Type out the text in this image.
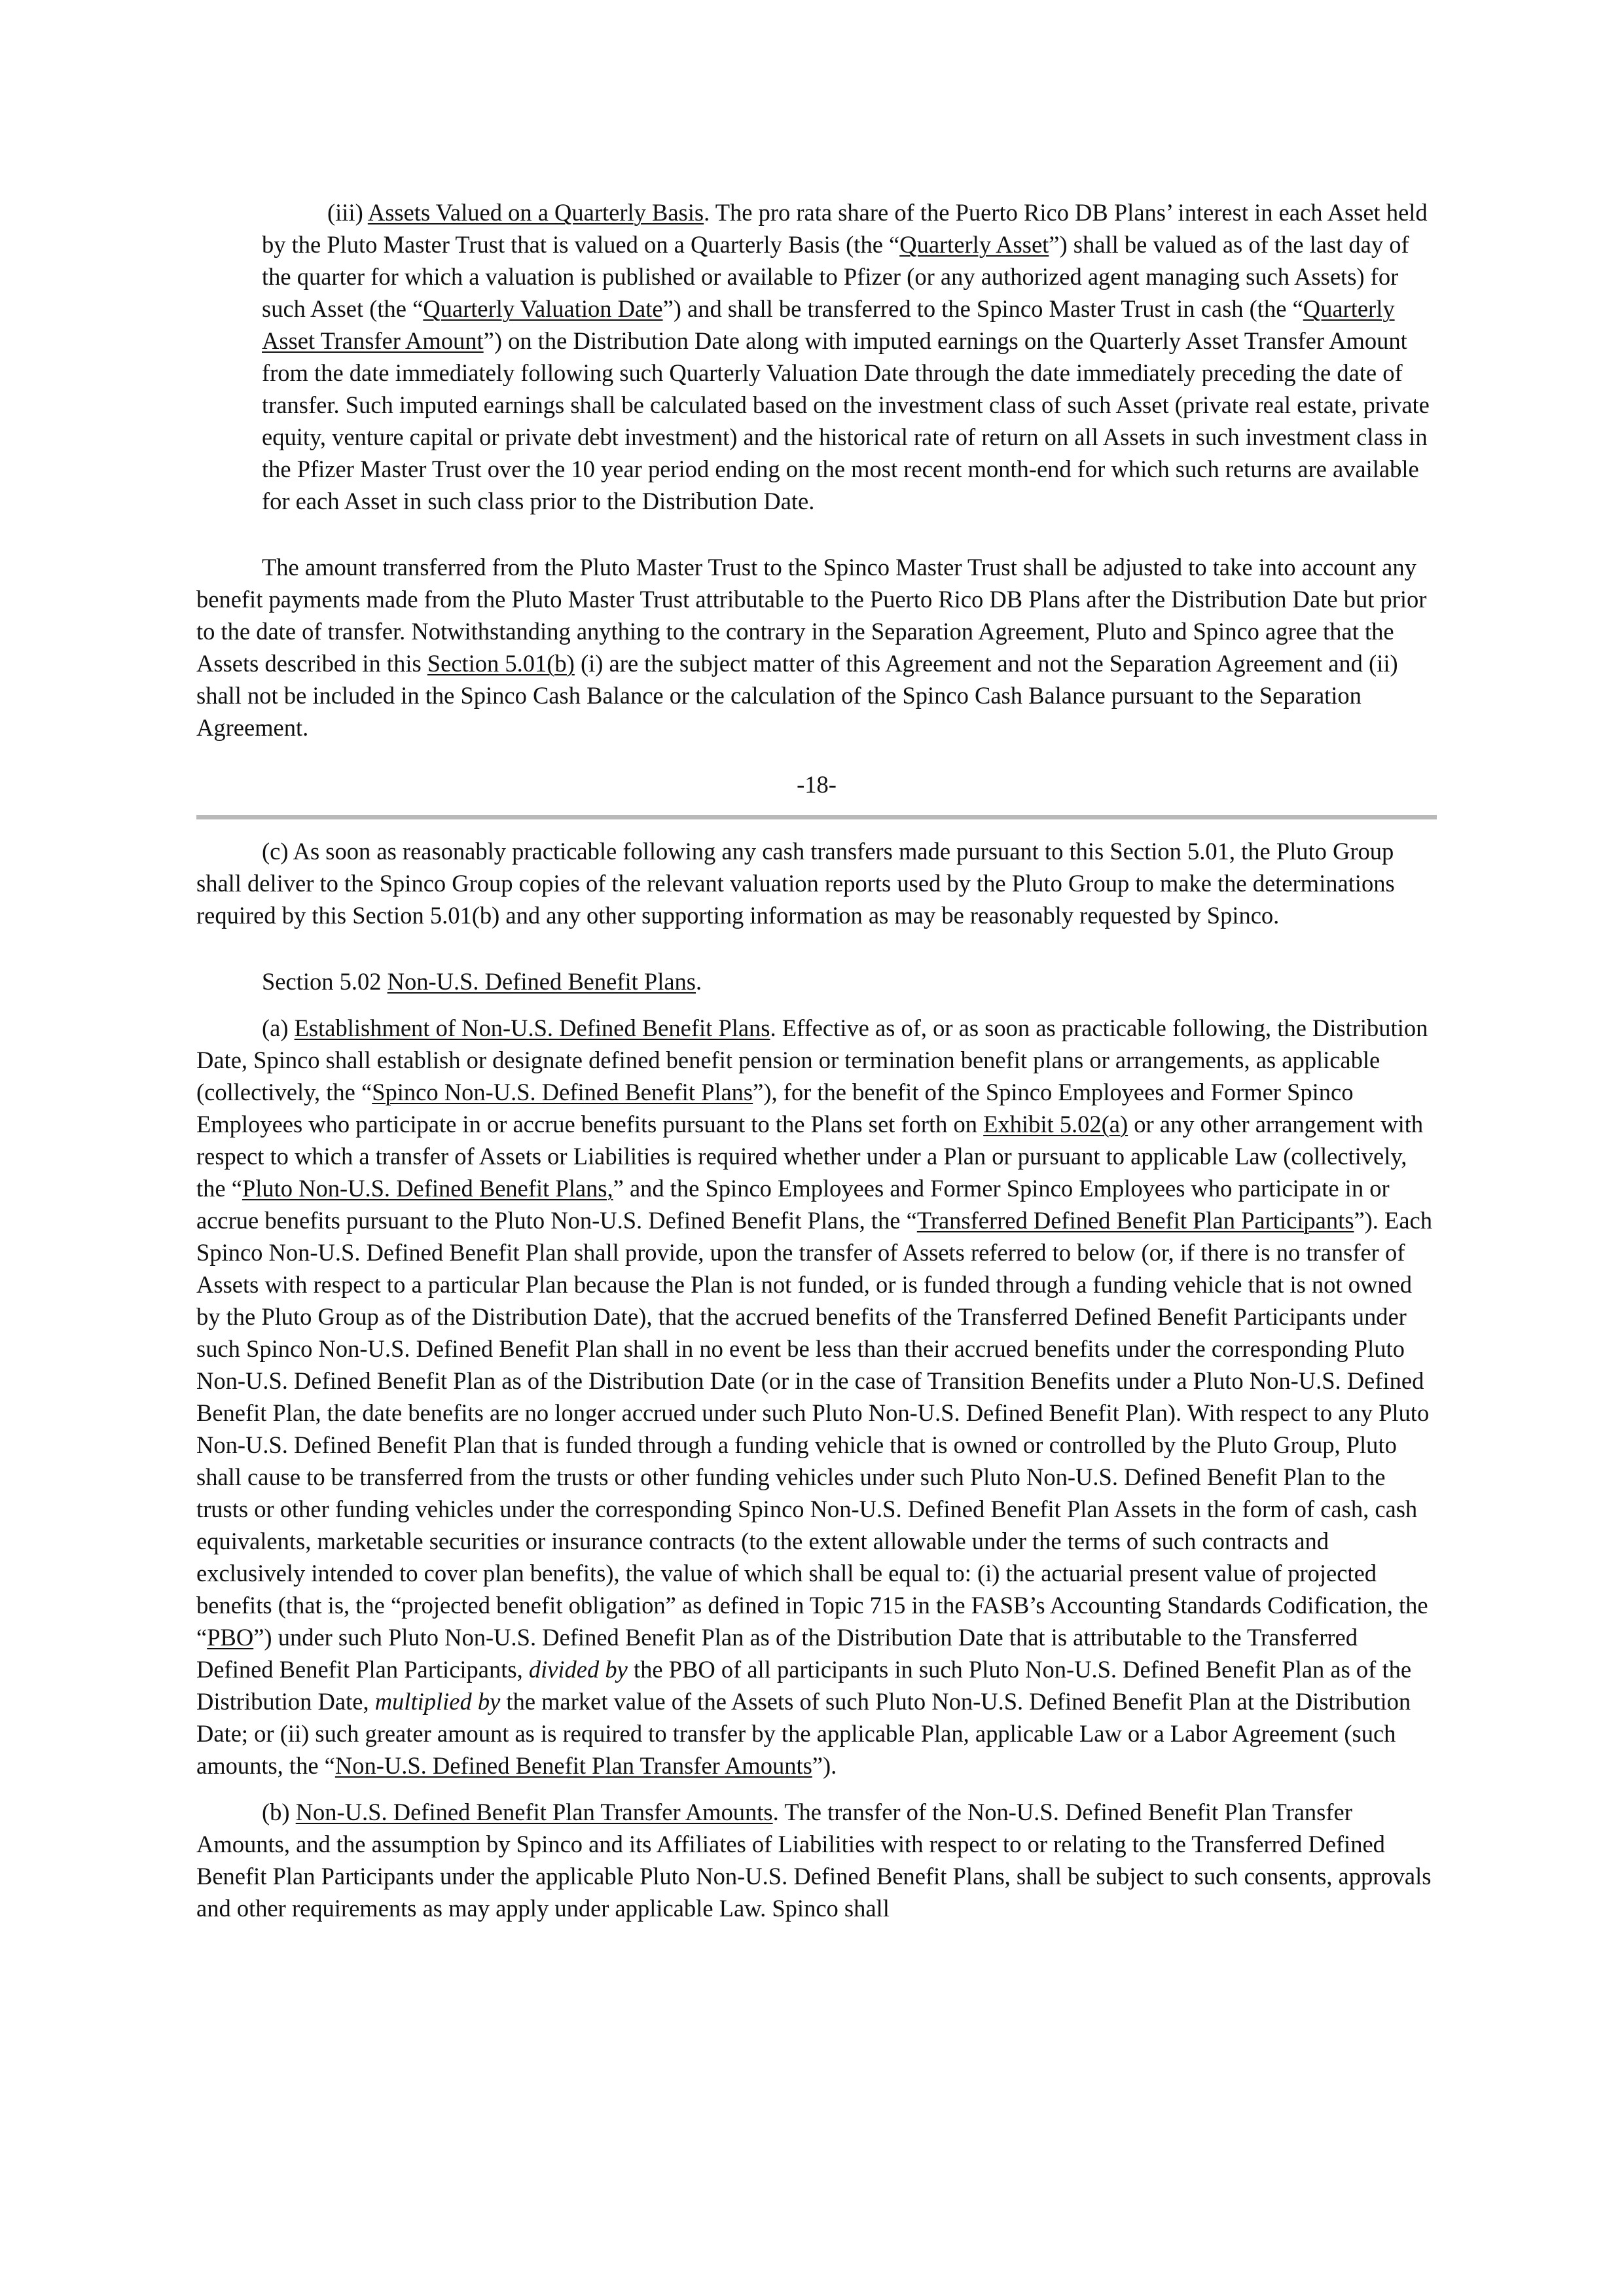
(iii) Assets Valued on a Quarterly Basis. The pro rata share of the Puerto Rico DB Plans’ interest in each Asset held by the Pluto Master Trust that is valued on a Quarterly Basis (the “Quarterly Asset”) shall be valued as of the last day of the quarter for which a valuation is published or available to Pfizer (or any authorized agent managing such Assets) for such Asset (the “Quarterly Valuation Date”) and shall be transferred to the Spinco Master Trust in cash (the “Quarterly Asset Transfer Amount”) on the Distribution Date along with imputed earnings on the Quarterly Asset Transfer Amount from the date immediately following such Quarterly Valuation Date through the date immediately preceding the date of transfer. Such imputed earnings shall be calculated based on the investment class of such Asset (private real estate, private equity, venture capital or private debt investment) and the historical rate of return on all Assets in such investment class in the Pfizer Master Trust over the 10 year period ending on the most recent month-end for which such returns are available for each Asset in such class prior to the Distribution Date.

The amount transferred from the Pluto Master Trust to the Spinco Master Trust shall be adjusted to take into account any benefit payments made from the Pluto Master Trust attributable to the Puerto Rico DB Plans after the Distribution Date but prior to the date of transfer. Notwithstanding anything to the contrary in the Separation Agreement, Pluto and Spinco agree that the Assets described in this Section 5.01(b) (i) are the subject matter of this Agreement and not the Separation Agreement and (ii) shall not be included in the Spinco Cash Balance or the calculation of the Spinco Cash Balance pursuant to the Separation Agreement.

-18-

(c) As soon as reasonably practicable following any cash transfers made pursuant to this Section 5.01, the Pluto Group shall deliver to the Spinco Group copies of the relevant valuation reports used by the Pluto Group to make the determinations required by this Section 5.01(b) and any other supporting information as may be reasonably requested by Spinco.

Section 5.02 Non-U.S. Defined Benefit Plans.

(a) Establishment of Non-U.S. Defined Benefit Plans. Effective as of, or as soon as practicable following, the Distribution Date, Spinco shall establish or designate defined benefit pension or termination benefit plans or arrangements, as applicable (collectively, the “Spinco Non-U.S. Defined Benefit Plans”), for the benefit of the Spinco Employees and Former Spinco Employees who participate in or accrue benefits pursuant to the Plans set forth on Exhibit 5.02(a) or any other arrangement with respect to which a transfer of Assets or Liabilities is required whether under a Plan or pursuant to applicable Law (collectively, the “Pluto Non-U.S. Defined Benefit Plans,” and the Spinco Employees and Former Spinco Employees who participate in or accrue benefits pursuant to the Pluto Non-U.S. Defined Benefit Plans, the “Transferred Defined Benefit Plan Participants”). Each Spinco Non-U.S. Defined Benefit Plan shall provide, upon the transfer of Assets referred to below (or, if there is no transfer of Assets with respect to a particular Plan because the Plan is not funded, or is funded through a funding vehicle that is not owned by the Pluto Group as of the Distribution Date), that the accrued benefits of the Transferred Defined Benefit Participants under such Spinco Non-U.S. Defined Benefit Plan shall in no event be less than their accrued benefits under the corresponding Pluto Non-U.S. Defined Benefit Plan as of the Distribution Date (or in the case of Transition Benefits under a Pluto Non-U.S. Defined Benefit Plan, the date benefits are no longer accrued under such Pluto Non-U.S. Defined Benefit Plan). With respect to any Pluto Non-U.S. Defined Benefit Plan that is funded through a funding vehicle that is owned or controlled by the Pluto Group, Pluto shall cause to be transferred from the trusts or other funding vehicles under such Pluto Non-U.S. Defined Benefit Plan to the trusts or other funding vehicles under the corresponding Spinco Non-U.S. Defined Benefit Plan Assets in the form of cash, cash equivalents, marketable securities or insurance contracts (to the extent allowable under the terms of such contracts and exclusively intended to cover plan benefits), the value of which shall be equal to: (i) the actuarial present value of projected benefits (that is, the “projected benefit obligation” as defined in Topic 715 in the FASB’s Accounting Standards Codification, the “PBO”) under such Pluto Non-U.S. Defined Benefit Plan as of the Distribution Date that is attributable to the Transferred Defined Benefit Plan Participants, divided by the PBO of all participants in such Pluto Non-U.S. Defined Benefit Plan as of the Distribution Date, multiplied by the market value of the Assets of such Pluto Non-U.S. Defined Benefit Plan at the Distribution Date; or (ii) such greater amount as is required to transfer by the applicable Plan, applicable Law or a Labor Agreement (such amounts, the “Non-U.S. Defined Benefit Plan Transfer Amounts”).

(b) Non-U.S. Defined Benefit Plan Transfer Amounts. The transfer of the Non-U.S. Defined Benefit Plan Transfer Amounts, and the assumption by Spinco and its Affiliates of Liabilities with respect to or relating to the Transferred Defined Benefit Plan Participants under the applicable Pluto Non-U.S. Defined Benefit Plans, shall be subject to such consents, approvals and other requirements as may apply under applicable Law. Spinco shall
